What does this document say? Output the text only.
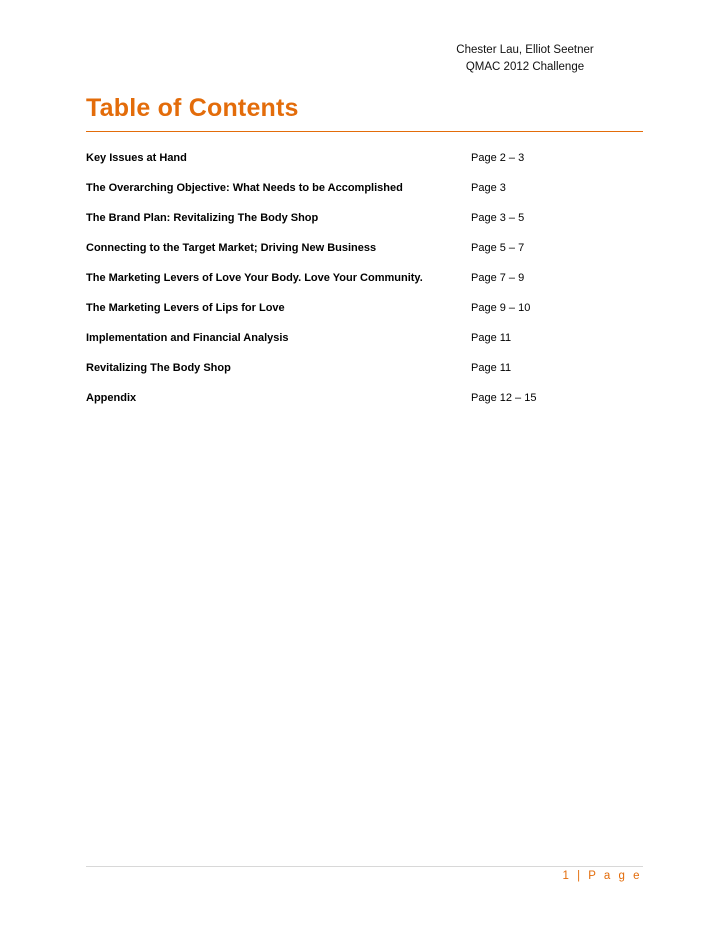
Chester Lau, Elliot Seetner
QMAC 2012 Challenge
Table of Contents
Key Issues at Hand	Page 2 – 3
The Overarching Objective: What Needs to be Accomplished	Page 3
The Brand Plan: Revitalizing The Body Shop	Page 3 – 5
Connecting to the Target Market; Driving New Business	Page 5 – 7
The Marketing Levers of Love Your Body. Love Your Community.	Page 7 – 9
The Marketing Levers of Lips for Love	Page 9 – 10
Implementation and Financial Analysis	Page 11
Revitalizing The Body Shop	Page 11
Appendix	Page 12 – 15
1 | P a g e
